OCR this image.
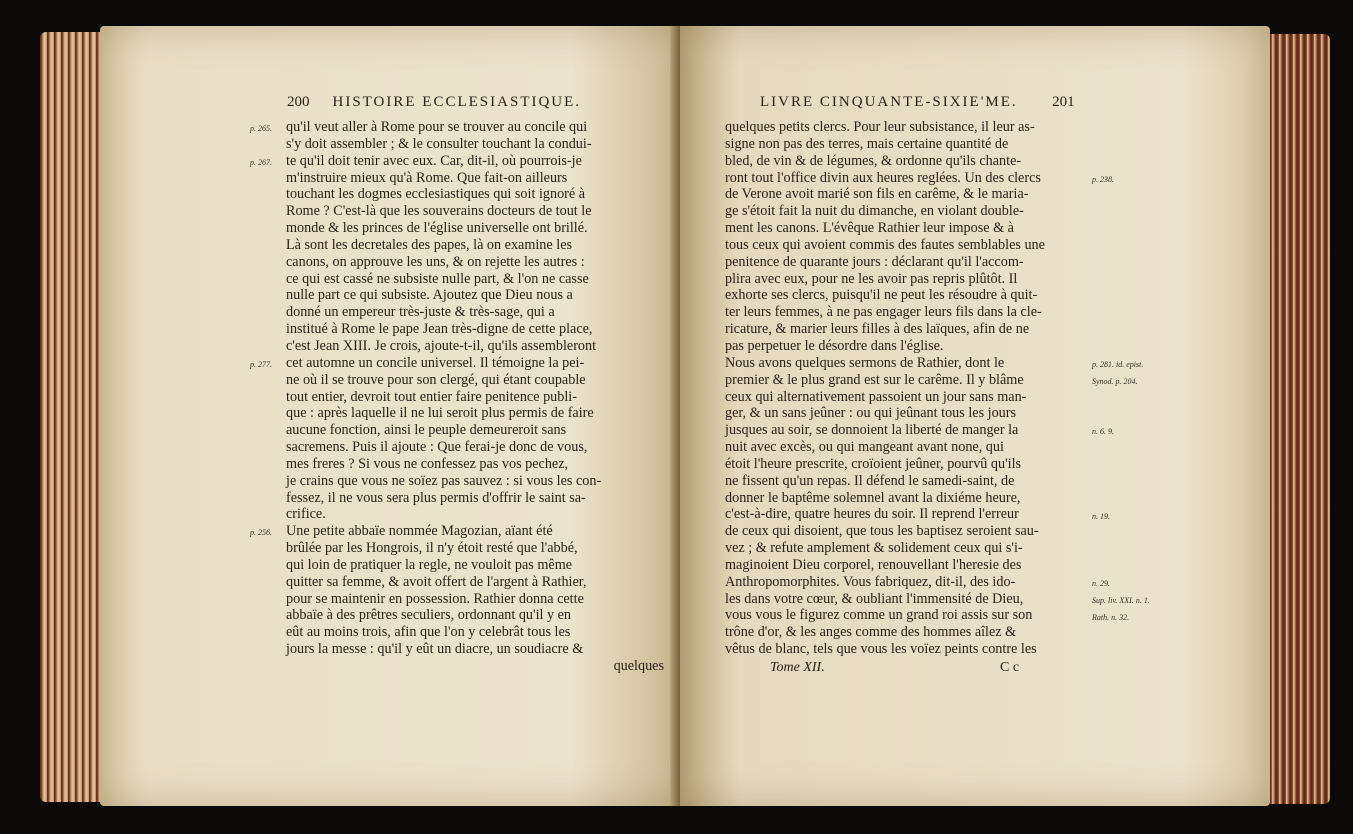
200 HISTOIRE ECCLESIASTIQUE.
qu'il veut aller à Rome pour se trouver au concile qui
s'y doit assembler ; & le consulter touchant la condui-
te qu'il doit tenir avec eux. Car, dit-il, où pourrois-je
m'instruire mieux qu'à Rome. Que fait-on ailleurs
touchant les dogmes ecclesiastiques qui soit ignoré à
Rome ? C'est-là que les souverains docteurs de tout le
monde & les princes de l'église universelle ont brillé.
Là sont les decretales des papes, là on examine les
canons, on approuve les uns, & on rejette les autres :
ce qui est cassé ne subsiste nulle part, & l'on ne casse
nulle part ce qui subsiste. Ajoutez que Dieu nous a
donné un empereur très-juste & très-sage, qui a
institué à Rome le pape Jean très-digne de cette place,
c'est Jean XIII. Je crois, ajoute-t-il, qu'ils assembleront
cet automne un concile universel. Il témoigne la pei-
ne où il se trouve pour son clergé, qui étant coupable
tout entier, devroit tout entier faire penitence publi-
que : après laquelle il ne lui seroit plus permis de faire
aucune fonction, ainsi le peuple demeureroit sans
sacremens. Puis il ajoute : Que ferai-je donc de vous,
mes freres ? Si vous ne confessez pas vos pechez,
je crains que vous ne soïez pas sauvez : si vous les con-
fessez, il ne vous sera plus permis d'offrir le saint sa-
crifice.
Une petite abbaïe nommée Magozian, aïant été
brûlée par les Hongrois, il n'y étoit resté que l'abbé,
qui loin de pratiquer la regle, ne vouloit pas même
quitter sa femme, & avoit offert de l'argent à Rathier,
pour se maintenir en possession. Rathier donna cette
abbaïe à des prêtres seculiers, ordonnant qu'il y en
eût au moins trois, afin que l'on y celebrât tous les
jours la messe : qu'il y eût un diacre, un soudiacre &
quelques
p. 265.
p. 267.
p. 277.
p. 256.
LIVRE CINQUANTE-SIXIE'ME. 201
quelques petits clercs. Pour leur subsistance, il leur as-
signe non pas des terres, mais certaine quantité de
bled, de vin & de légumes, & ordonne qu'ils chante-
ront tout l'office divin aux heures reglées. Un des clercs
de Verone avoit marié son fils en carême, & le maria-
ge s'étoit fait la nuit du dimanche, en violant double-
ment les canons. L'évêque Rathier leur impose & à
tous ceux qui avoient commis des fautes semblables une
penitence de quarante jours : déclarant qu'il l'accom-
plira avec eux, pour ne les avoir pas repris plûtôt. Il
exhorte ses clercs, puisqu'il ne peut les résoudre à quit-
ter leurs femmes, à ne pas engager leurs fils dans la cle-
ricature, & marier leurs filles à des laïques, afin de ne
pas perpetuer le désordre dans l'église.
Nous avons quelques sermons de Rathier, dont le
premier & le plus grand est sur le carême. Il y blâme
ceux qui alternativement passoient un jour sans man-
ger, & un sans jeûner : ou qui jeûnant tous les jours
jusques au soir, se donnoient la liberté de manger la
nuit avec excès, ou qui mangeant avant none, qui
étoit l'heure prescrite, croïoient jeûner, pourvû qu'ils
ne fissent qu'un repas. Il défend le samedi-saint, de
donner le baptême solemnel avant la dixiéme heure,
c'est-à-dire, quatre heures du soir. Il reprend l'erreur
de ceux qui disoient, que tous les baptisez seroient sau-
vez ; & refute amplement & solidement ceux qui s'i-
maginoient Dieu corporel, renouvellant l'heresie des
Anthropomorphites. Vous fabriquez, dit-il, des ido-
les dans votre cœur, & oubliant l'immensité de Dieu,
vous vous le figurez comme un grand roi assis sur son
trône d'or, & les anges comme des hommes aîlez &
vêtus de blanc, tels que vous les voïez peints contre les
p. 238.
p. 281. id. epist.
Synod. p. 204.
n. 6. 9.
n. 19.
n. 29.
Sup. liv. XXI. n. 1.
Rath. n. 32.
Tome XII.	C c
